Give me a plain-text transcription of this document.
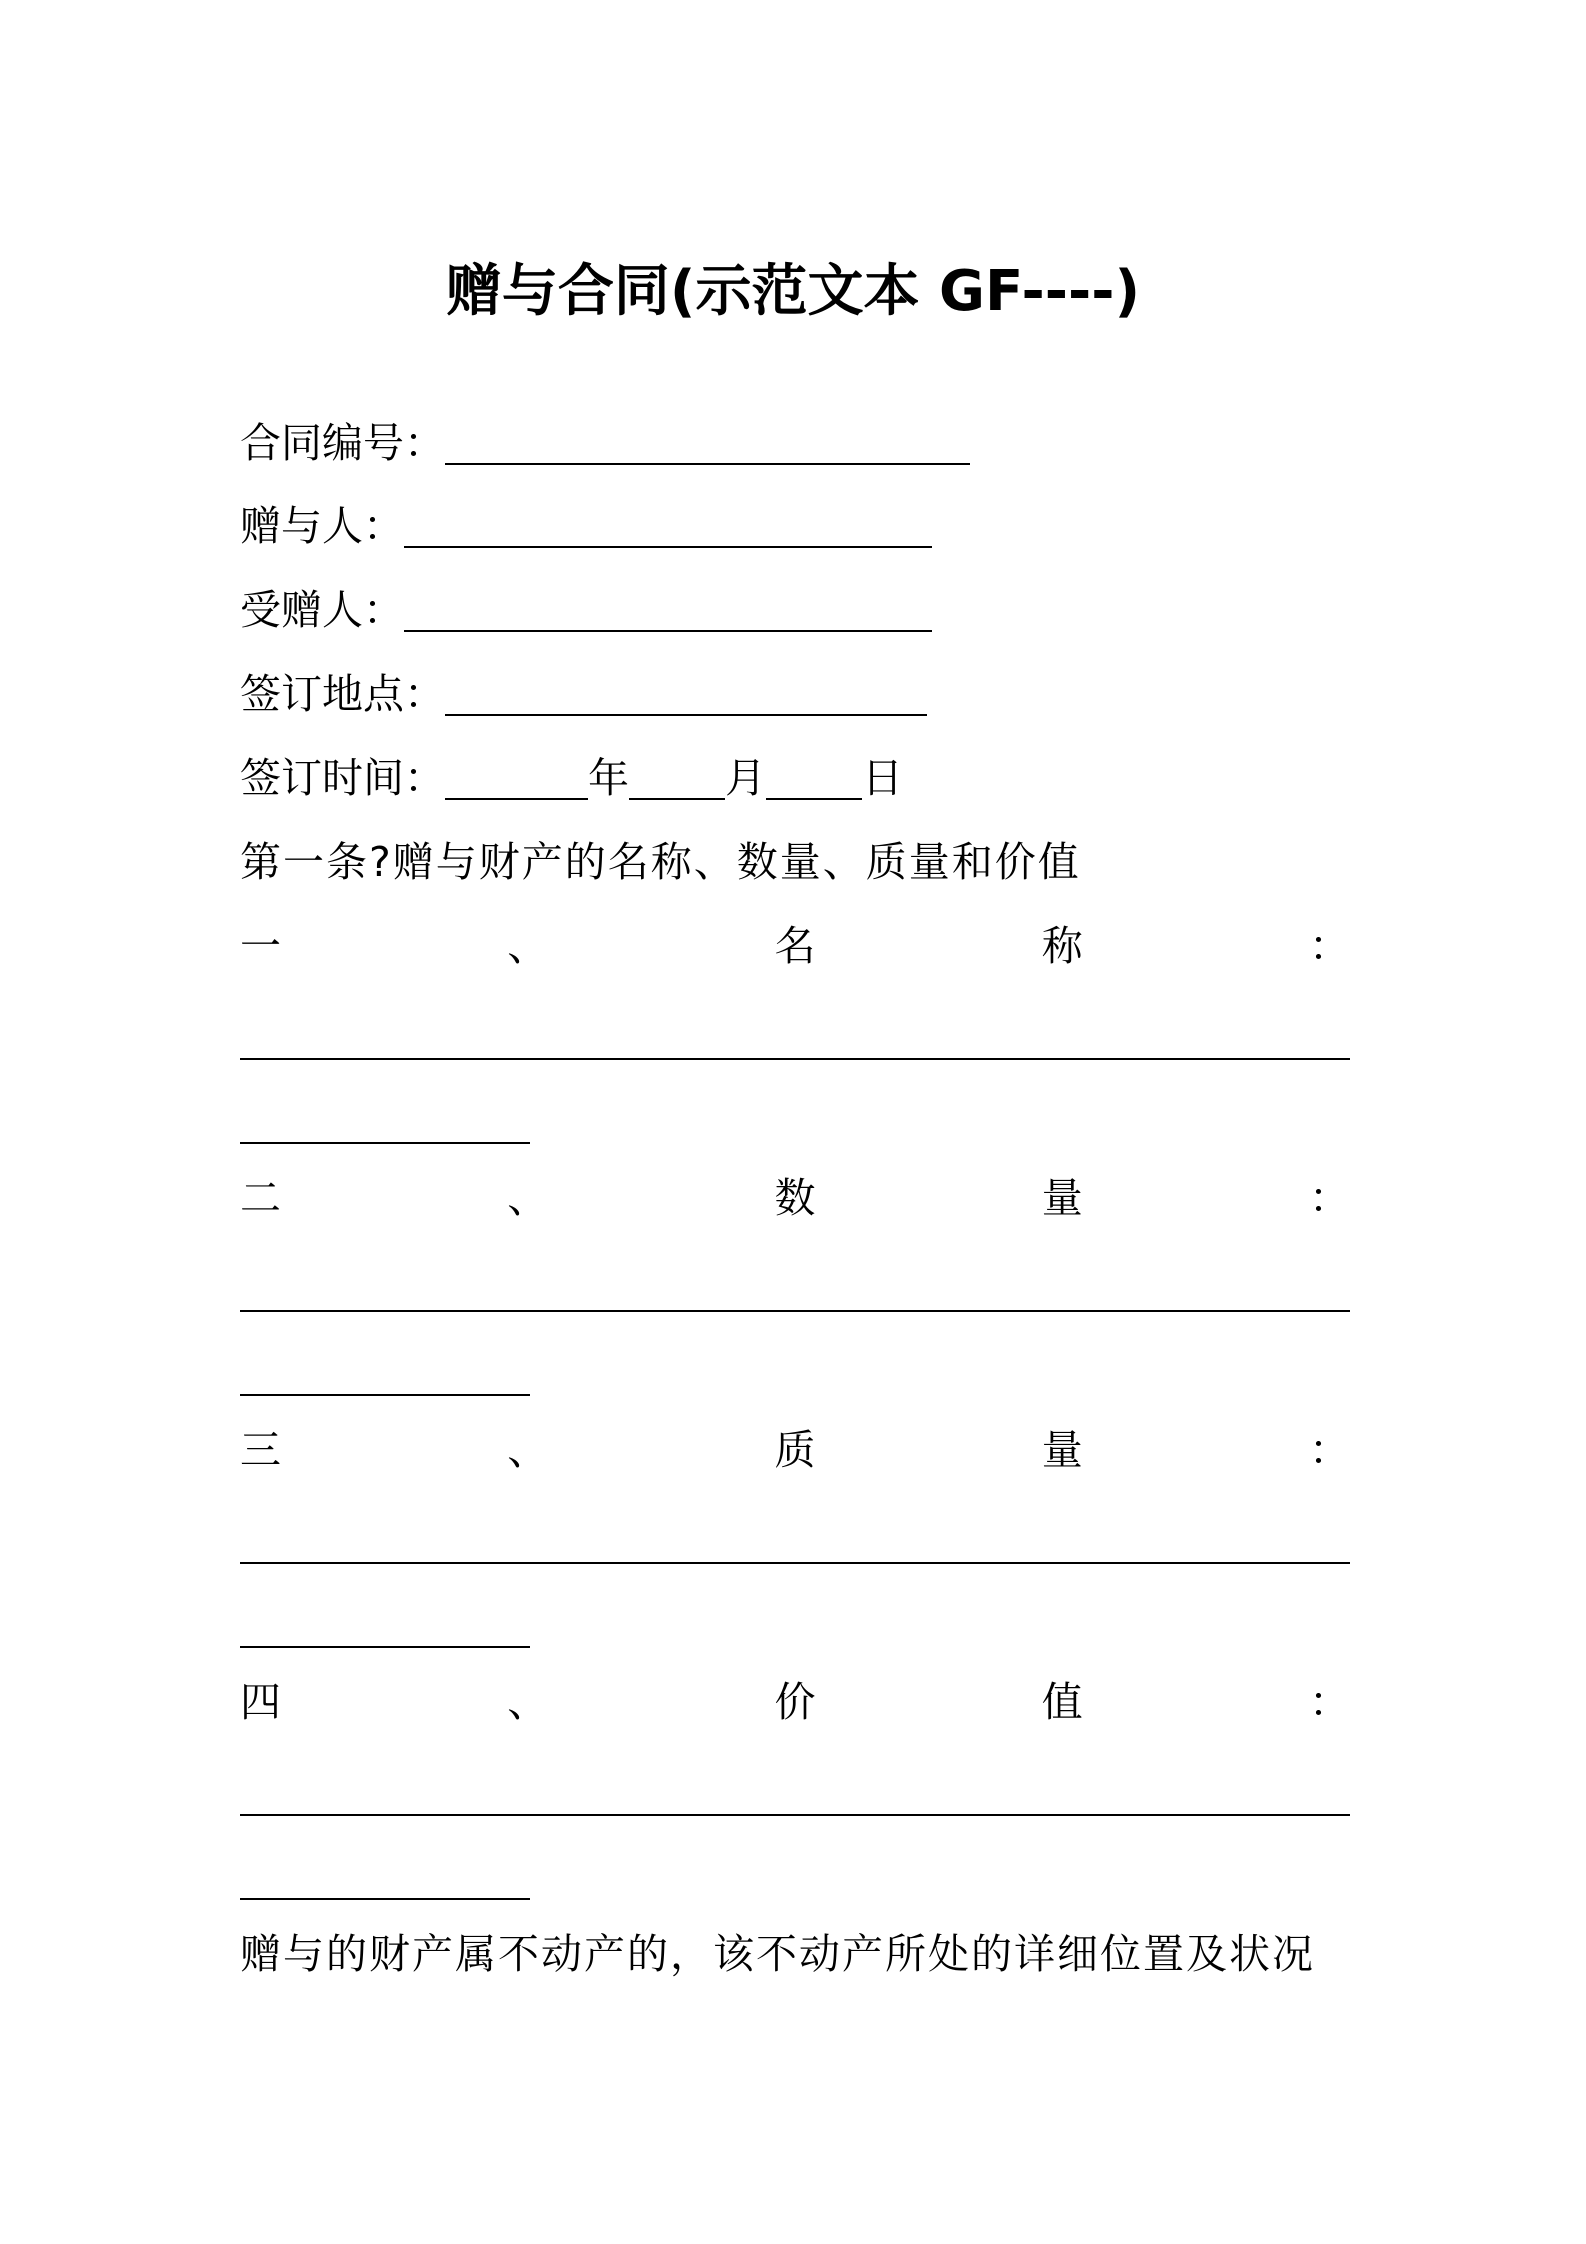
赠与合同(示范文本 GF----)
合同编号：
赠与人：
受赠人：
签订地点：
签订时间：	年 月 日
第一条?赠与财产的名称、数量、质量和价值
一	、	名	称	：
二	、	数	量	：
三	、	质	量	：
四	、	价	值	：
赠与的财产属不动产的，该不动产所处的详细位置及状况
